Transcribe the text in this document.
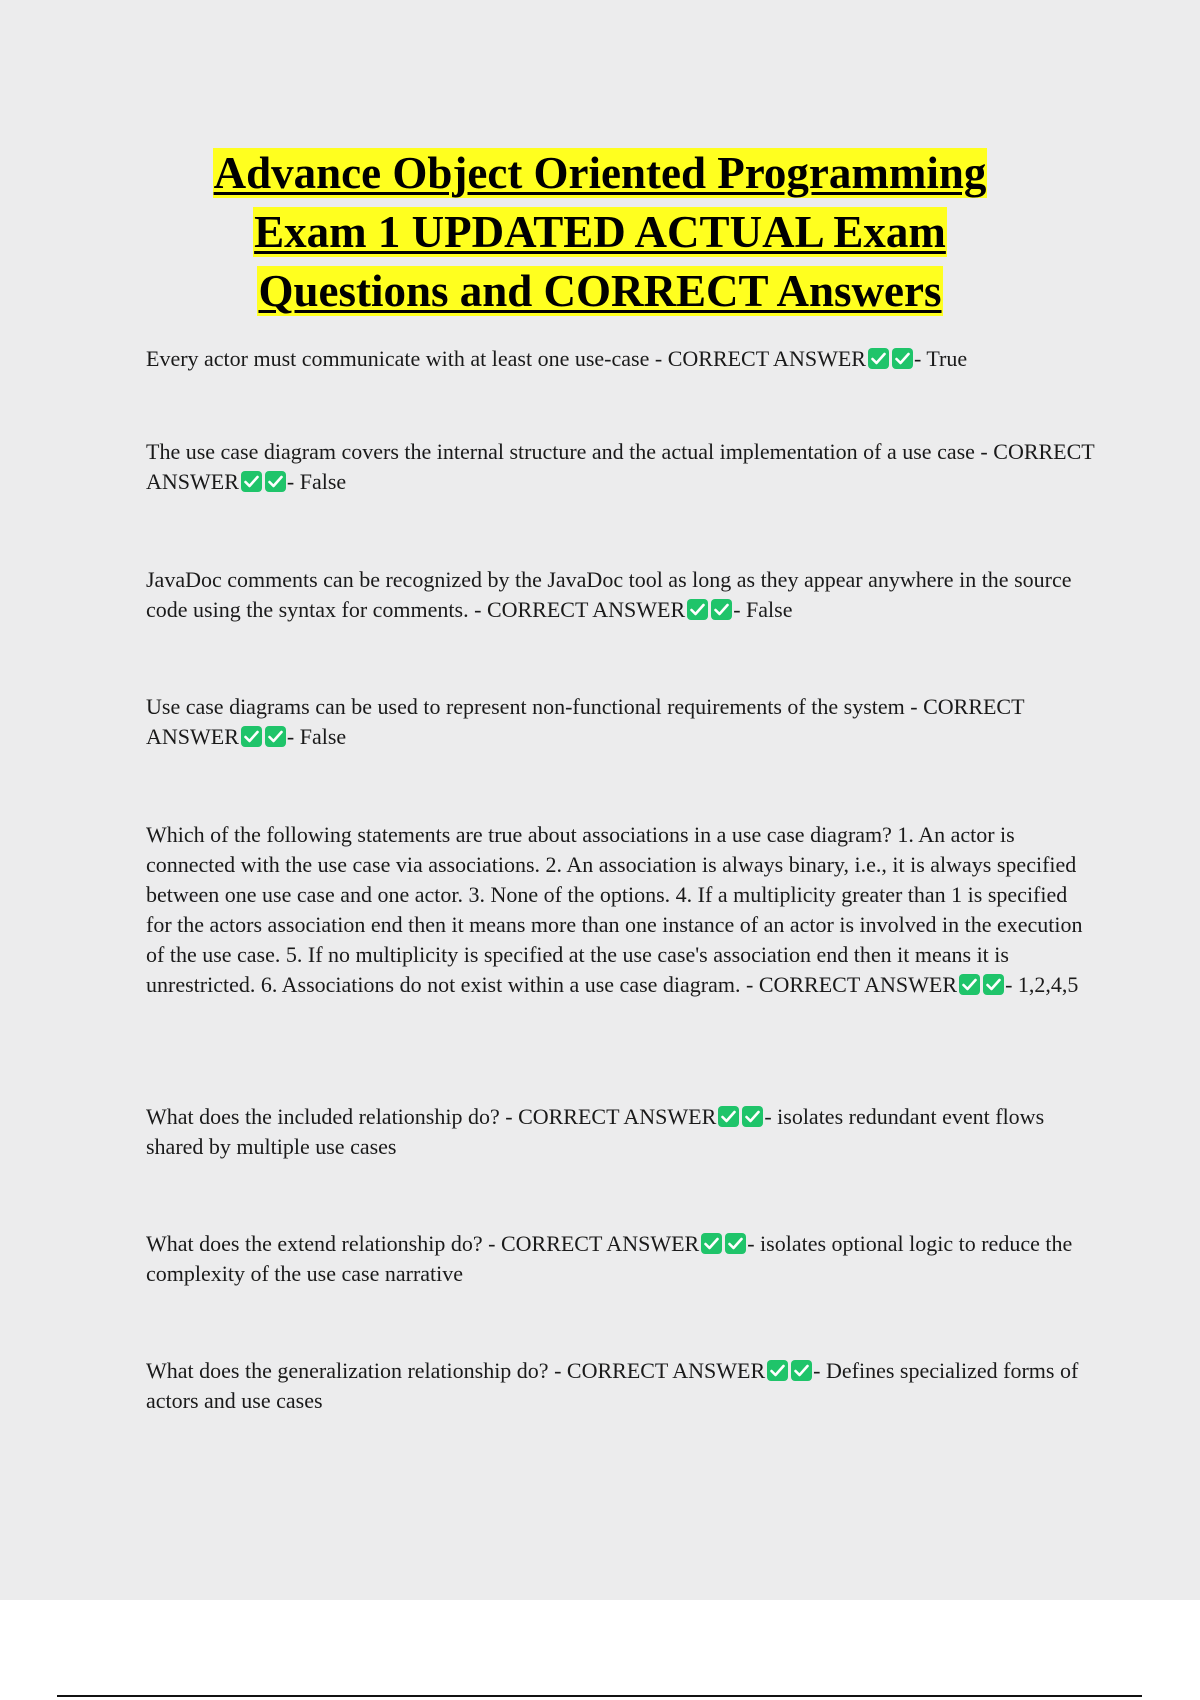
Advance Object Oriented Programming
Exam 1 UPDATED ACTUAL Exam
Questions and CORRECT Answers

Every actor must communicate with at least one use-case - CORRECT ANSWER - True

The use case diagram covers the internal structure and the actual implementation of a use case - CORRECT ANSWER - False

JavaDoc comments can be recognized by the JavaDoc tool as long as they appear anywhere in the source code using the syntax for comments. - CORRECT ANSWER - False

Use case diagrams can be used to represent non-functional requirements of the system - CORRECT ANSWER - False

Which of the following statements are true about associations in a use case diagram? 1. An actor is connected with the use case via associations. 2. An association is always binary, i.e., it is always specified between one use case and one actor. 3. None of the options. 4. If a multiplicity greater than 1 is specified for the actors association end then it means more than one instance of an actor is involved in the execution of the use case. 5. If no multiplicity is specified at the use case's association end then it means it is unrestricted. 6. Associations do not exist within a use case diagram. - CORRECT ANSWER - 1,2,4,5

What does the included relationship do? - CORRECT ANSWER - isolates redundant event flows shared by multiple use cases

What does the extend relationship do? - CORRECT ANSWER - isolates optional logic to reduce the complexity of the use case narrative

What does the generalization relationship do? - CORRECT ANSWER - Defines specialized forms of actors and use cases
